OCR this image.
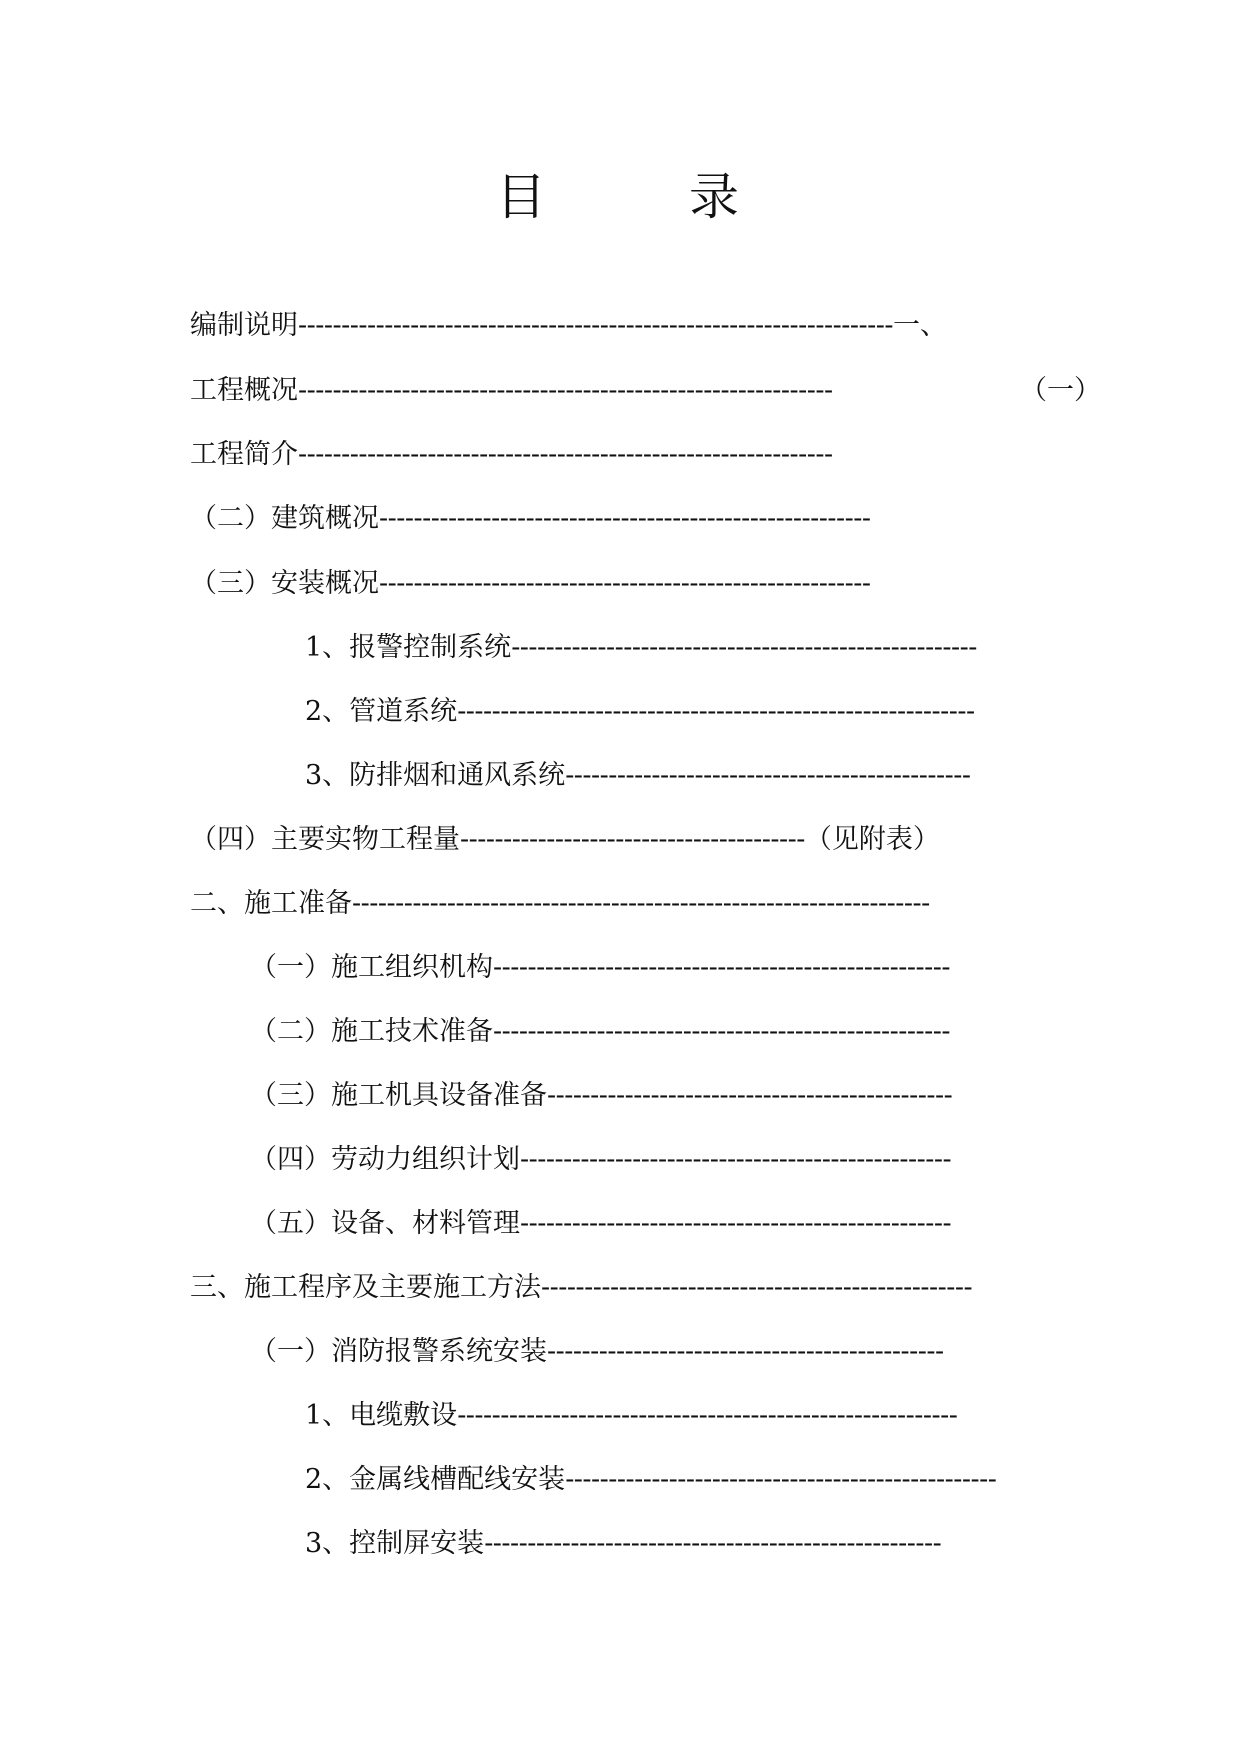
目	录
编制说明---------------------------------------------------------------------一、
工程概况--------------------------------------------------------------	（一）
工程简介--------------------------------------------------------------
（二）建筑概况---------------------------------------------------------
（三）安装概况---------------------------------------------------------
1、报警控制系统------------------------------------------------------
2、管道系统------------------------------------------------------------
3、防排烟和通风系统-----------------------------------------------
（四）主要实物工程量----------------------------------------（见附表）
二、施工准备-------------------------------------------------------------------
（一）施工组织机构-----------------------------------------------------
（二）施工技术准备-----------------------------------------------------
（三）施工机具设备准备-----------------------------------------------
（四）劳动力组织计划--------------------------------------------------
（五）设备、材料管理--------------------------------------------------
三、施工程序及主要施工方法--------------------------------------------------
（一）消防报警系统安装----------------------------------------------
1、电缆敷设----------------------------------------------------------
2、金属线槽配线安装--------------------------------------------------
3、控制屏安装-----------------------------------------------------
